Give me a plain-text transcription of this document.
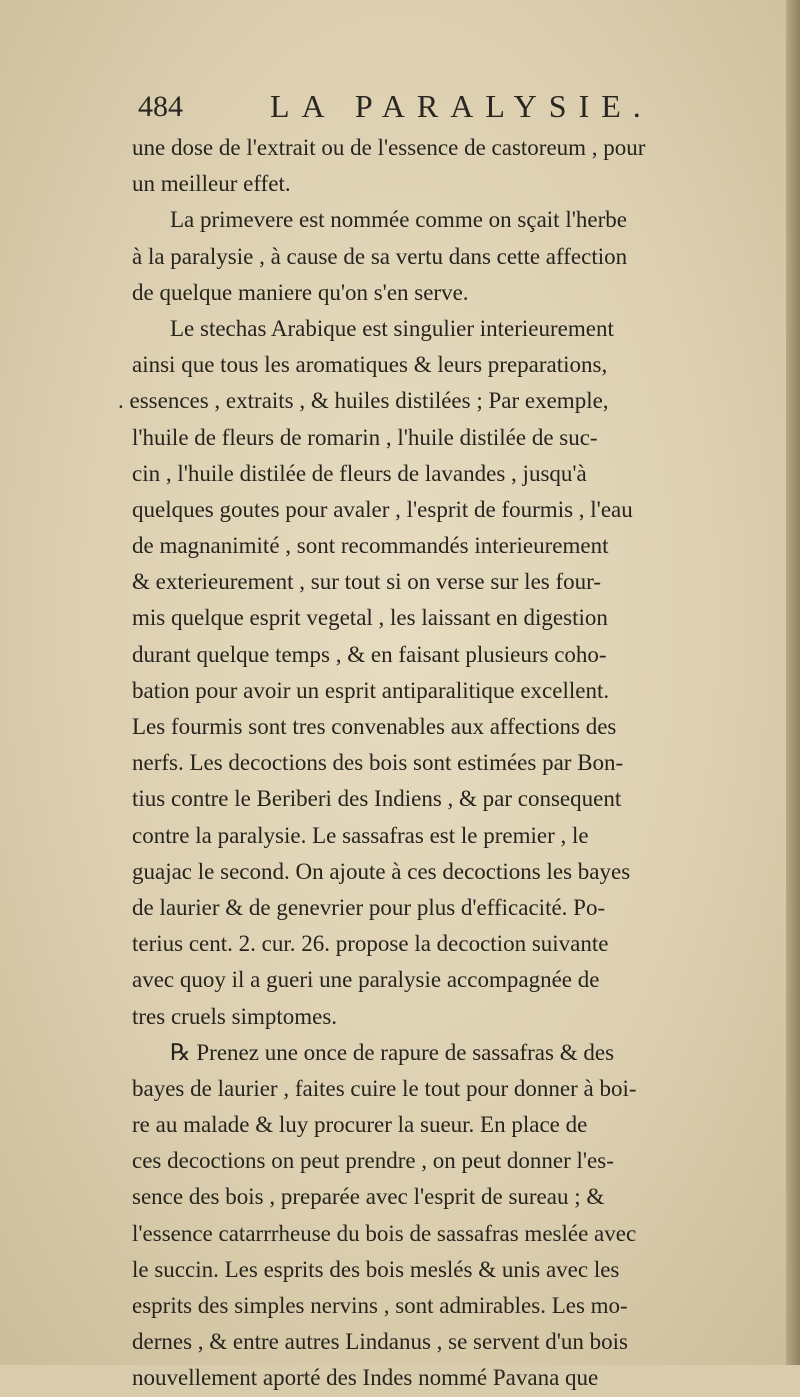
484	LA PARALYSIE.
une dose de l'extrait ou de l'essence de castoreum , pour
un meilleur effet.
La primevere est nommée comme on sçait l'herbe
à la paralysie , à cause de sa vertu dans cette affection
de quelque maniere qu'on s'en serve.
Le stechas Arabique est singulier interieurement
ainsi que tous les aromatiques & leurs preparations,
. essences , extraits , & huiles distilées ; Par exemple,
l'huile de fleurs de romarin , l'huile distilée de suc-
cin , l'huile distilée de fleurs de lavandes , jusqu'à
quelques goutes pour avaler , l'esprit de fourmis , l'eau
de magnanimité , sont recommandés interieurement
& exterieurement , sur tout si on verse sur les four-
mis quelque esprit vegetal , les laissant en digestion
durant quelque temps , & en faisant plusieurs coho-
bation pour avoir un esprit antiparalitique excellent.
Les fourmis sont tres convenables aux affections des
nerfs. Les decoctions des bois sont estimées par Bon-
tius contre le Beriberi des Indiens , & par consequent
contre la paralysie. Le sassafras est le premier , le
guajac le second. On ajoute à ces decoctions les bayes
de laurier & de genevrier pour plus d'efficacité. Po-
terius cent. 2. cur. 26. propose la decoction suivante
avec quoy il a gueri une paralysie accompagnée de
tres cruels simptomes.
℞ Prenez une once de rapure de sassafras & des
bayes de laurier , faites cuire le tout pour donner à boi-
re au malade & luy procurer la sueur. En place de
ces decoctions on peut prendre , on peut donner l'es-
sence des bois , preparée avec l'esprit de sureau ; &
l'essence catarrrheuse du bois de sassafras meslée avec
le succin. Les esprits des bois meslés & unis avec les
esprits des simples nervins , sont admirables. Les mo-
dernes , & entre autres Lindanus , se servent d'un bois
nouvellement aporté des Indes nommé Pavana que
